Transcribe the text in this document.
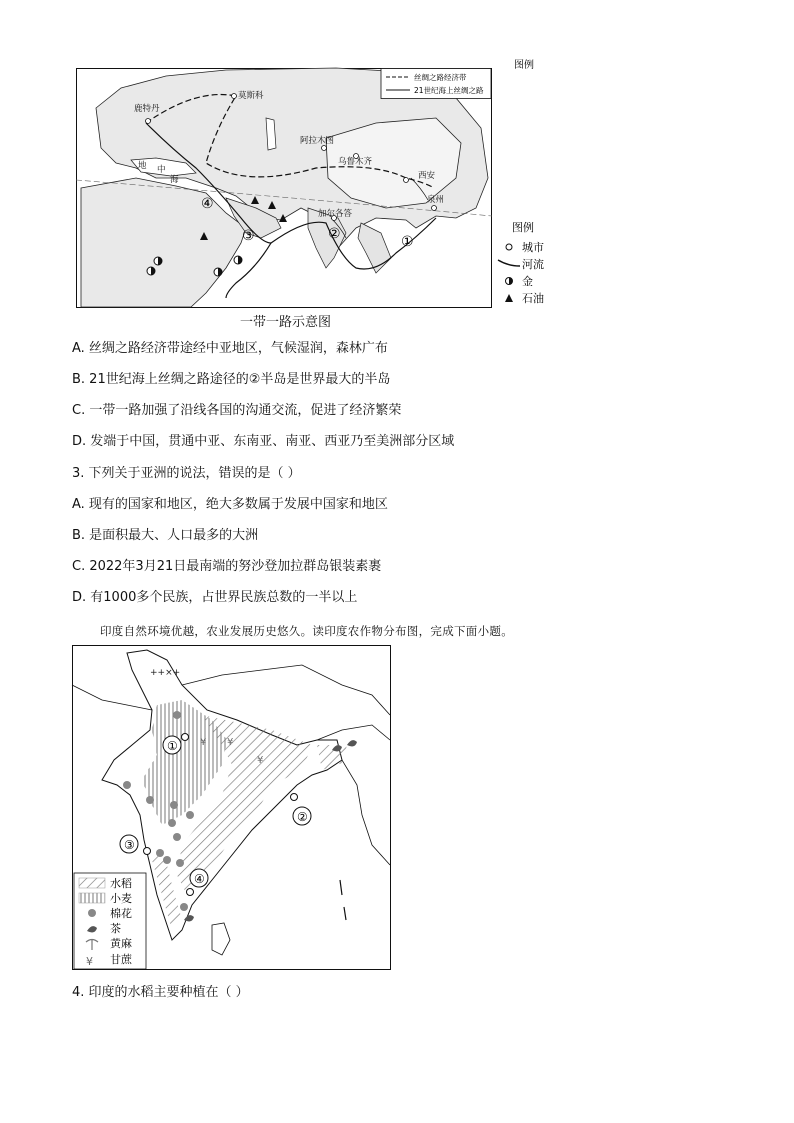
鹿特丹
莫斯科
阿拉木图
乌鲁木齐
西安
泉州
加尔各答
地 中
海
①
②
③
④
丝绸之路经济带
21世纪海上丝绸之路
图例
图例
城市
河流
金
石油
一带一路示意图
A. 丝绸之路经济带途经中亚地区，气候湿润，森林广布
B. 21世纪海上丝绸之路途径的②半岛是世界最大的半岛
C. 一带一路加强了沿线各国的沟通交流，促进了经济繁荣
D. 发端于中国，贯通中亚、东南亚、南亚、西亚乃至美洲部分区域
3. 下列关于亚洲的说法，错误的是（ ）
A. 现有的国家和地区，绝大多数属于发展中国家和地区
B. 是面积最大、人口最多的大洲
C. 2022年3月21日最南端的努沙登加拉群岛银装素裹
D. 有1000多个民族，占世界民族总数的一半以上
印度自然环境优越，农业发展历史悠久。读印度农作物分布图，完成下面小题。
¥ ¥
¥
++×+
①
②
③
④
水稻
小麦
棉花
茶
黄麻
¥ 甘蔗
4. 印度的水稻主要种植在（ ）
